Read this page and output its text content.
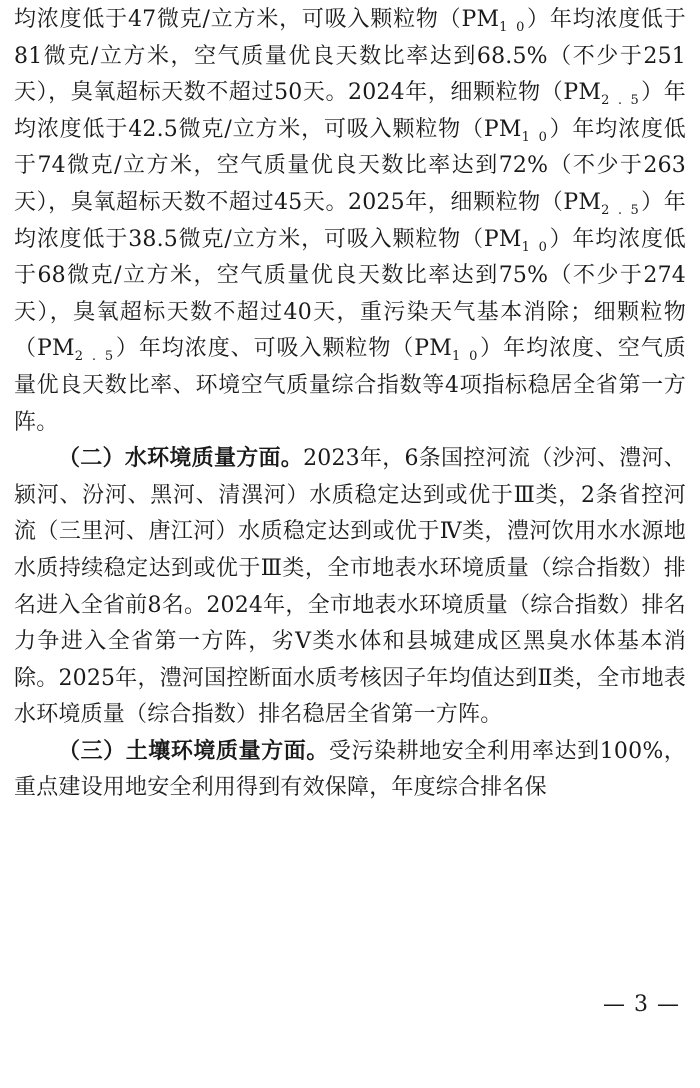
均浓度低于47微克/立方米，可吸入颗粒物$(PM_{1 0})$年均浓度低于81微克/立方米，空气质量优良天数比率达到68.5%（不少于251天），臭氧超标天数不超过50天。2024年，细颗粒物$(PM_{2 . 5})$年均浓度低于42.5微克/立方米，可吸入颗粒物$(PM_{1 0})$年均浓度低于74微克/立方米，空气质量优良天数比率达到72%（不少于263天），臭氧超标天数不超过45天。2025年，细颗粒物$(PM_{2 . 5})$年均浓度低于38.5微克/立方米，可吸入颗粒物$(PM_{1 0})$年均浓度低于68微克/立方米，空气质量优良天数比率达到75%（不少于274天），臭氧超标天数不超过40天，重污染天气基本消除；细颗粒物$(PM_{2 . 5})$年均浓度、可吸入颗粒物$(PM_{1 0})$年均浓度、空气质量优良天数比率、环境空气质量综合指数等4项指标稳居全省第一方阵。

（二）水环境质量方面。2023年，6条国控河流（沙河、澧河、颍河、汾河、黑河、清潩河）水质稳定达到或优于Ⅲ类，2条省控河流（三里河、唐江河）水质稳定达到或优于Ⅳ类，澧河饮用水水源地水质持续稳定达到或优于Ⅲ类，全市地表水环境质量（综合指数）排名进入全省前8名。2024年，全市地表水环境质量（综合指数）排名力争进入全省第一方阵，劣Ⅴ类水体和县城建成区黑臭水体基本消除。2025年，澧河国控断面水质考核因子年均值达到Ⅱ类，全市地表水环境质量（综合指数）排名稳居全省第一方阵。

（三）土壤环境质量方面。受污染耕地安全利用率达到100%，重点建设用地安全利用得到有效保障，年度综合排名保

— 3 —
